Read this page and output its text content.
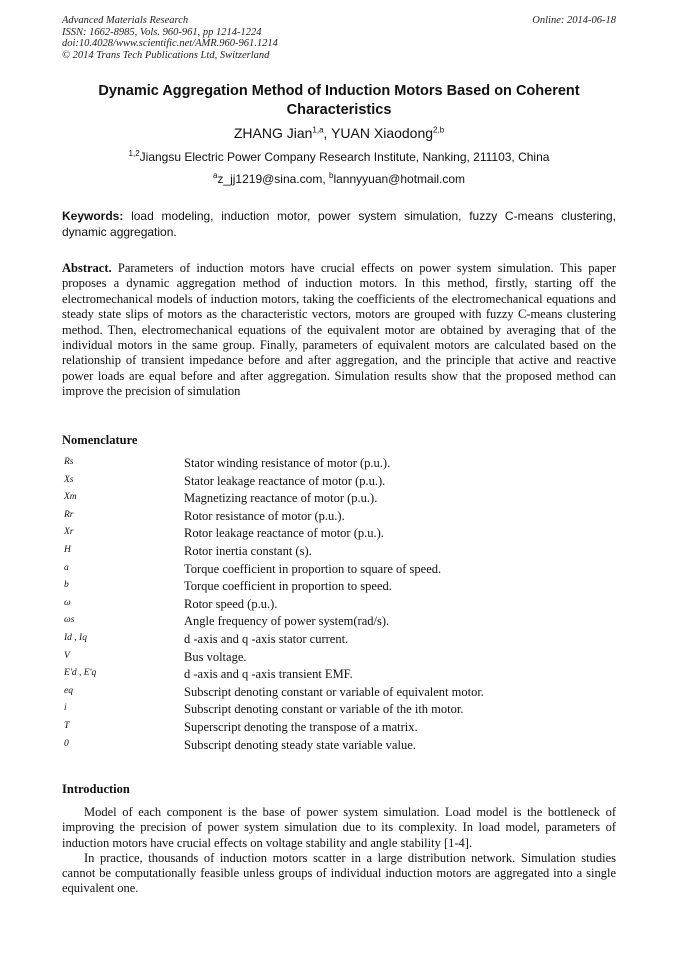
Advanced Materials Research
ISSN: 1662-8985, Vols. 960-961, pp 1214-1224
doi:10.4028/www.scientific.net/AMR.960-961.1214
© 2014 Trans Tech Publications Ltd, Switzerland
Online: 2014-06-18
Dynamic Aggregation Method of Induction Motors Based on Coherent
Characteristics
ZHANG Jian$^{1,a}$, YUAN Xiaodong$^{2,b}$
$^{1,2}$Jiangsu Electric Power Company Research Institute, Nanking, 211103, China
$^a$z_jj1219@sina.com, $^b$lannyyuan@hotmail.com
Keywords: load modeling, induction motor, power system simulation, fuzzy C-means clustering, dynamic aggregation.
Abstract. Parameters of induction motors have crucial effects on power system simulation. This paper proposes a dynamic aggregation method of induction motors. In this method, firstly, starting off the electromechanical models of induction motors, taking the coefficients of the electromechanical equations and steady state slips of motors as the characteristic vectors, motors are grouped with fuzzy C-means clustering method. Then, electromechanical equations of the equivalent motor are obtained by averaging that of the individual motors in the same group. Finally, parameters of equivalent motors are calculated based on the relationship of transient impedance before and after aggregation, and the principle that active and reactive power loads are equal before and after aggregation. Simulation results show that the proposed method can improve the precision of simulation
Nomenclature
Rs	Stator winding resistance of motor (p.u.).
Xs	Stator leakage reactance of motor (p.u.).
Xm	Magnetizing reactance of motor (p.u.).
Rr	Rotor resistance of motor (p.u.).
Xr	Rotor leakage reactance of motor (p.u.).
H	Rotor inertia constant (s).
a	Torque coefficient in proportion to square of speed.
b	Torque coefficient in proportion to speed.
ω	Rotor speed (p.u.).
ωs	Angle frequency of power system(rad/s).
Id , Iq	d -axis and q -axis stator current.
V	Bus voltage.
E'd , E'q	d -axis and q -axis transient EMF.
eq	Subscript denoting constant or variable of equivalent motor.
i	Subscript denoting constant or variable of the ith motor.
T	Superscript denoting the transpose of a matrix.
0	Subscript denoting steady state variable value.
Introduction

Model of each component is the base of power system simulation. Load model is the bottleneck of improving the precision of power system simulation due to its complexity. In load model, parameters of induction motors have crucial effects on voltage stability and angle stability [1-4].

In practice, thousands of induction motors scatter in a large distribution network. Simulation studies cannot be computationally feasible unless groups of individual induction motors are aggregated into a single equivalent one.
